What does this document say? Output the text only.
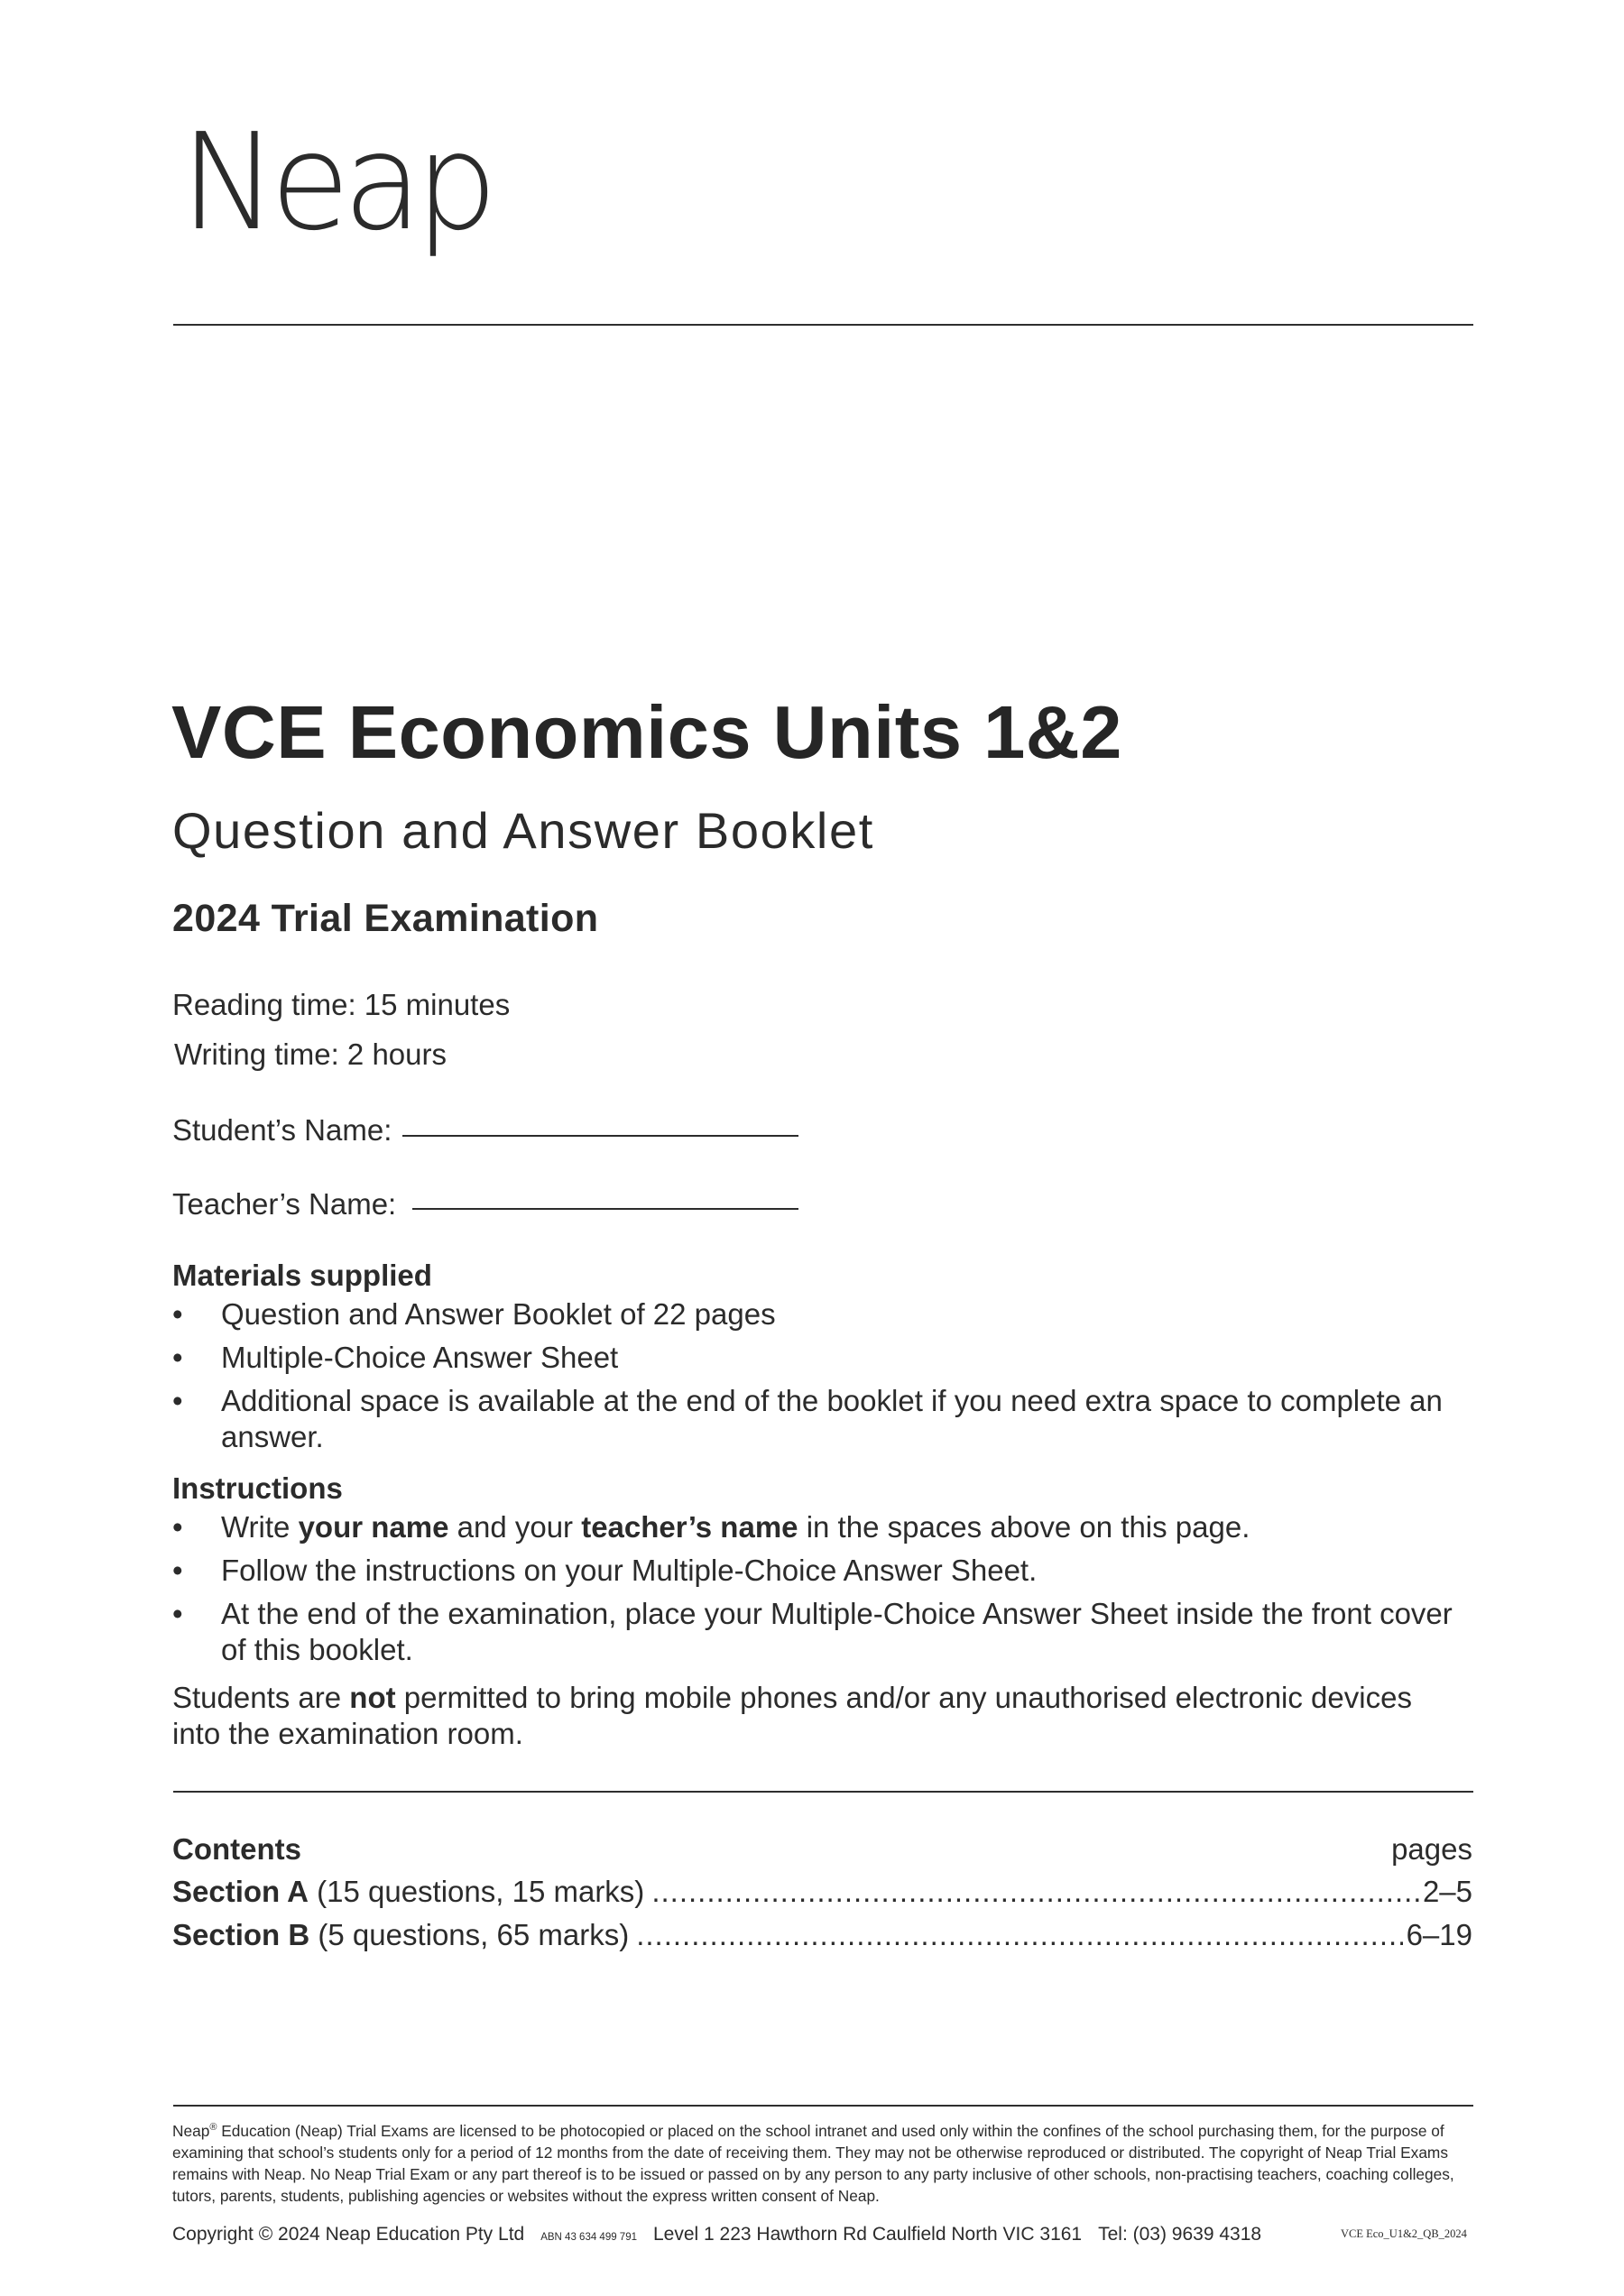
Neap
VCE Economics Units 1&2
Question and Answer Booklet
2024 Trial Examination
Reading time: 15 minutes
Writing time: 2 hours
Student’s Name:
Teacher’s Name:
Materials supplied
• Question and Answer Booklet of 22 pages
• Multiple-Choice Answer Sheet
• Additional space is available at the end of the booklet if you need extra space to complete an answer.
Instructions
• Write your name and your teacher’s name in the spaces above on this page.
• Follow the instructions on your Multiple-Choice Answer Sheet.
• At the end of the examination, place your Multiple-Choice Answer Sheet inside the front cover of this booklet.
Students are not permitted to bring mobile phones and/or any unauthorised electronic devices into the examination room.
Contents	pages
Section A (15 questions, 15 marks) .....	2–5
Section B (5 questions, 65 marks) .....	6–19
Neap® Education (Neap) Trial Exams are licensed to be photocopied or placed on the school intranet and used only within the confines of the school purchasing them, for the purpose of examining that school’s students only for a period of 12 months from the date of receiving them. They may not be otherwise reproduced or distributed. The copyright of Neap Trial Exams remains with Neap. No Neap Trial Exam or any part thereof is to be issued or passed on by any person to any party inclusive of other schools, non-practising teachers, coaching colleges, tutors, parents, students, publishing agencies or websites without the express written consent of Neap.
Copyright © 2024 Neap Education Pty Ltd ABN 43 634 499 791 Level 1 223 Hawthorn Rd Caulfield North VIC 3161 Tel: (03) 9639 4318	VCE Eco_U1&2_QB_2024
